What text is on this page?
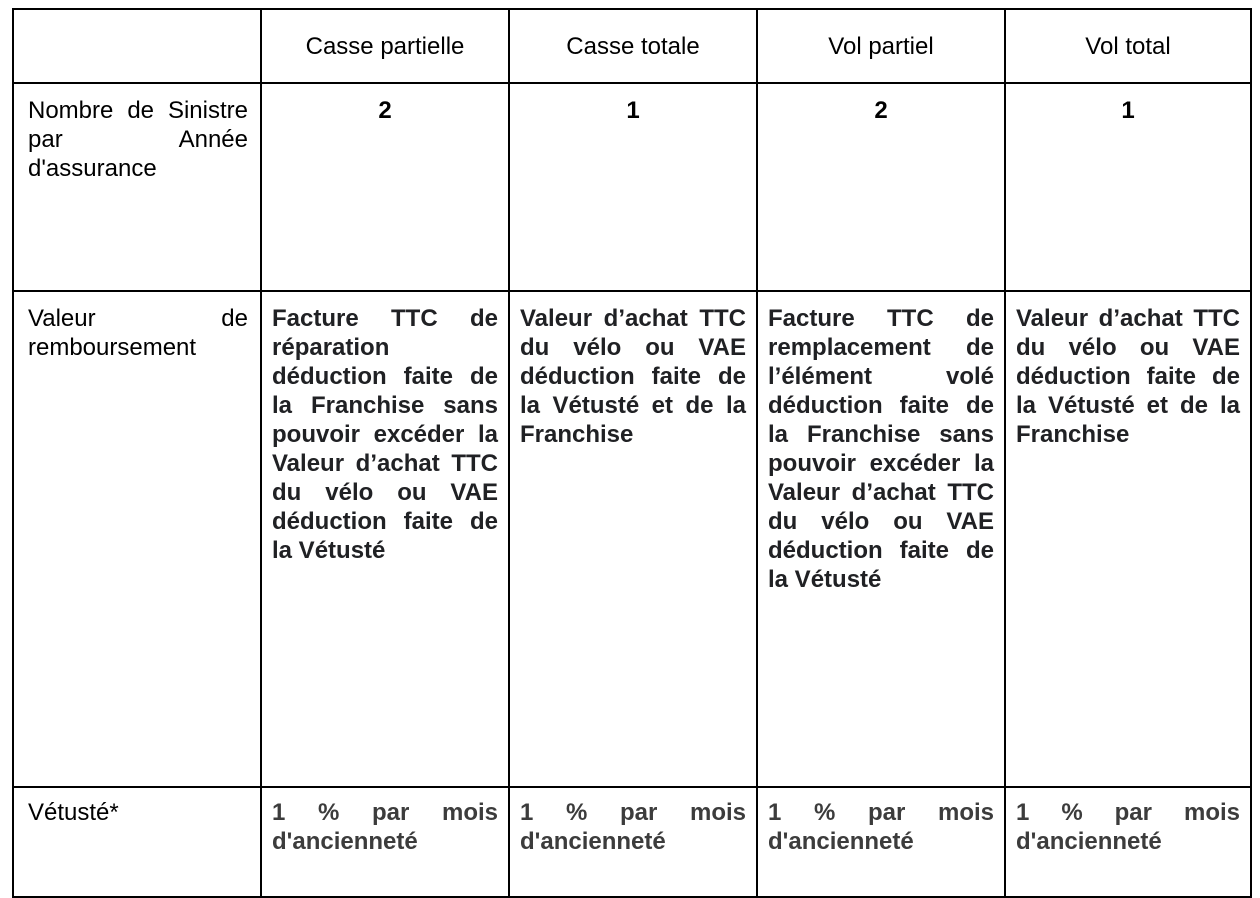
	Casse partielle	Casse totale	Vol partiel	Vol total
Nombre de Sinistre par Année d'assurance	2	1	2	1
Valeur de remboursement	Facture TTC de réparation déduction faite de la Franchise sans pouvoir excéder la Valeur d’achat TTC du vélo ou VAE déduction faite de la Vétusté	Valeur d’achat TTC du vélo ou VAE déduction faite de la Vétusté et de la Franchise	Facture TTC de remplacement de l’élément volé déduction faite de la Franchise sans pouvoir excéder la Valeur d’achat TTC du vélo ou VAE déduction faite de la Vétusté	Valeur d’achat TTC du vélo ou VAE déduction faite de la Vétusté et de la Franchise
Vétusté*	1 % par mois d'ancienneté	1 % par mois d'ancienneté	1 % par mois d'ancienneté	1 % par mois d'ancienneté
